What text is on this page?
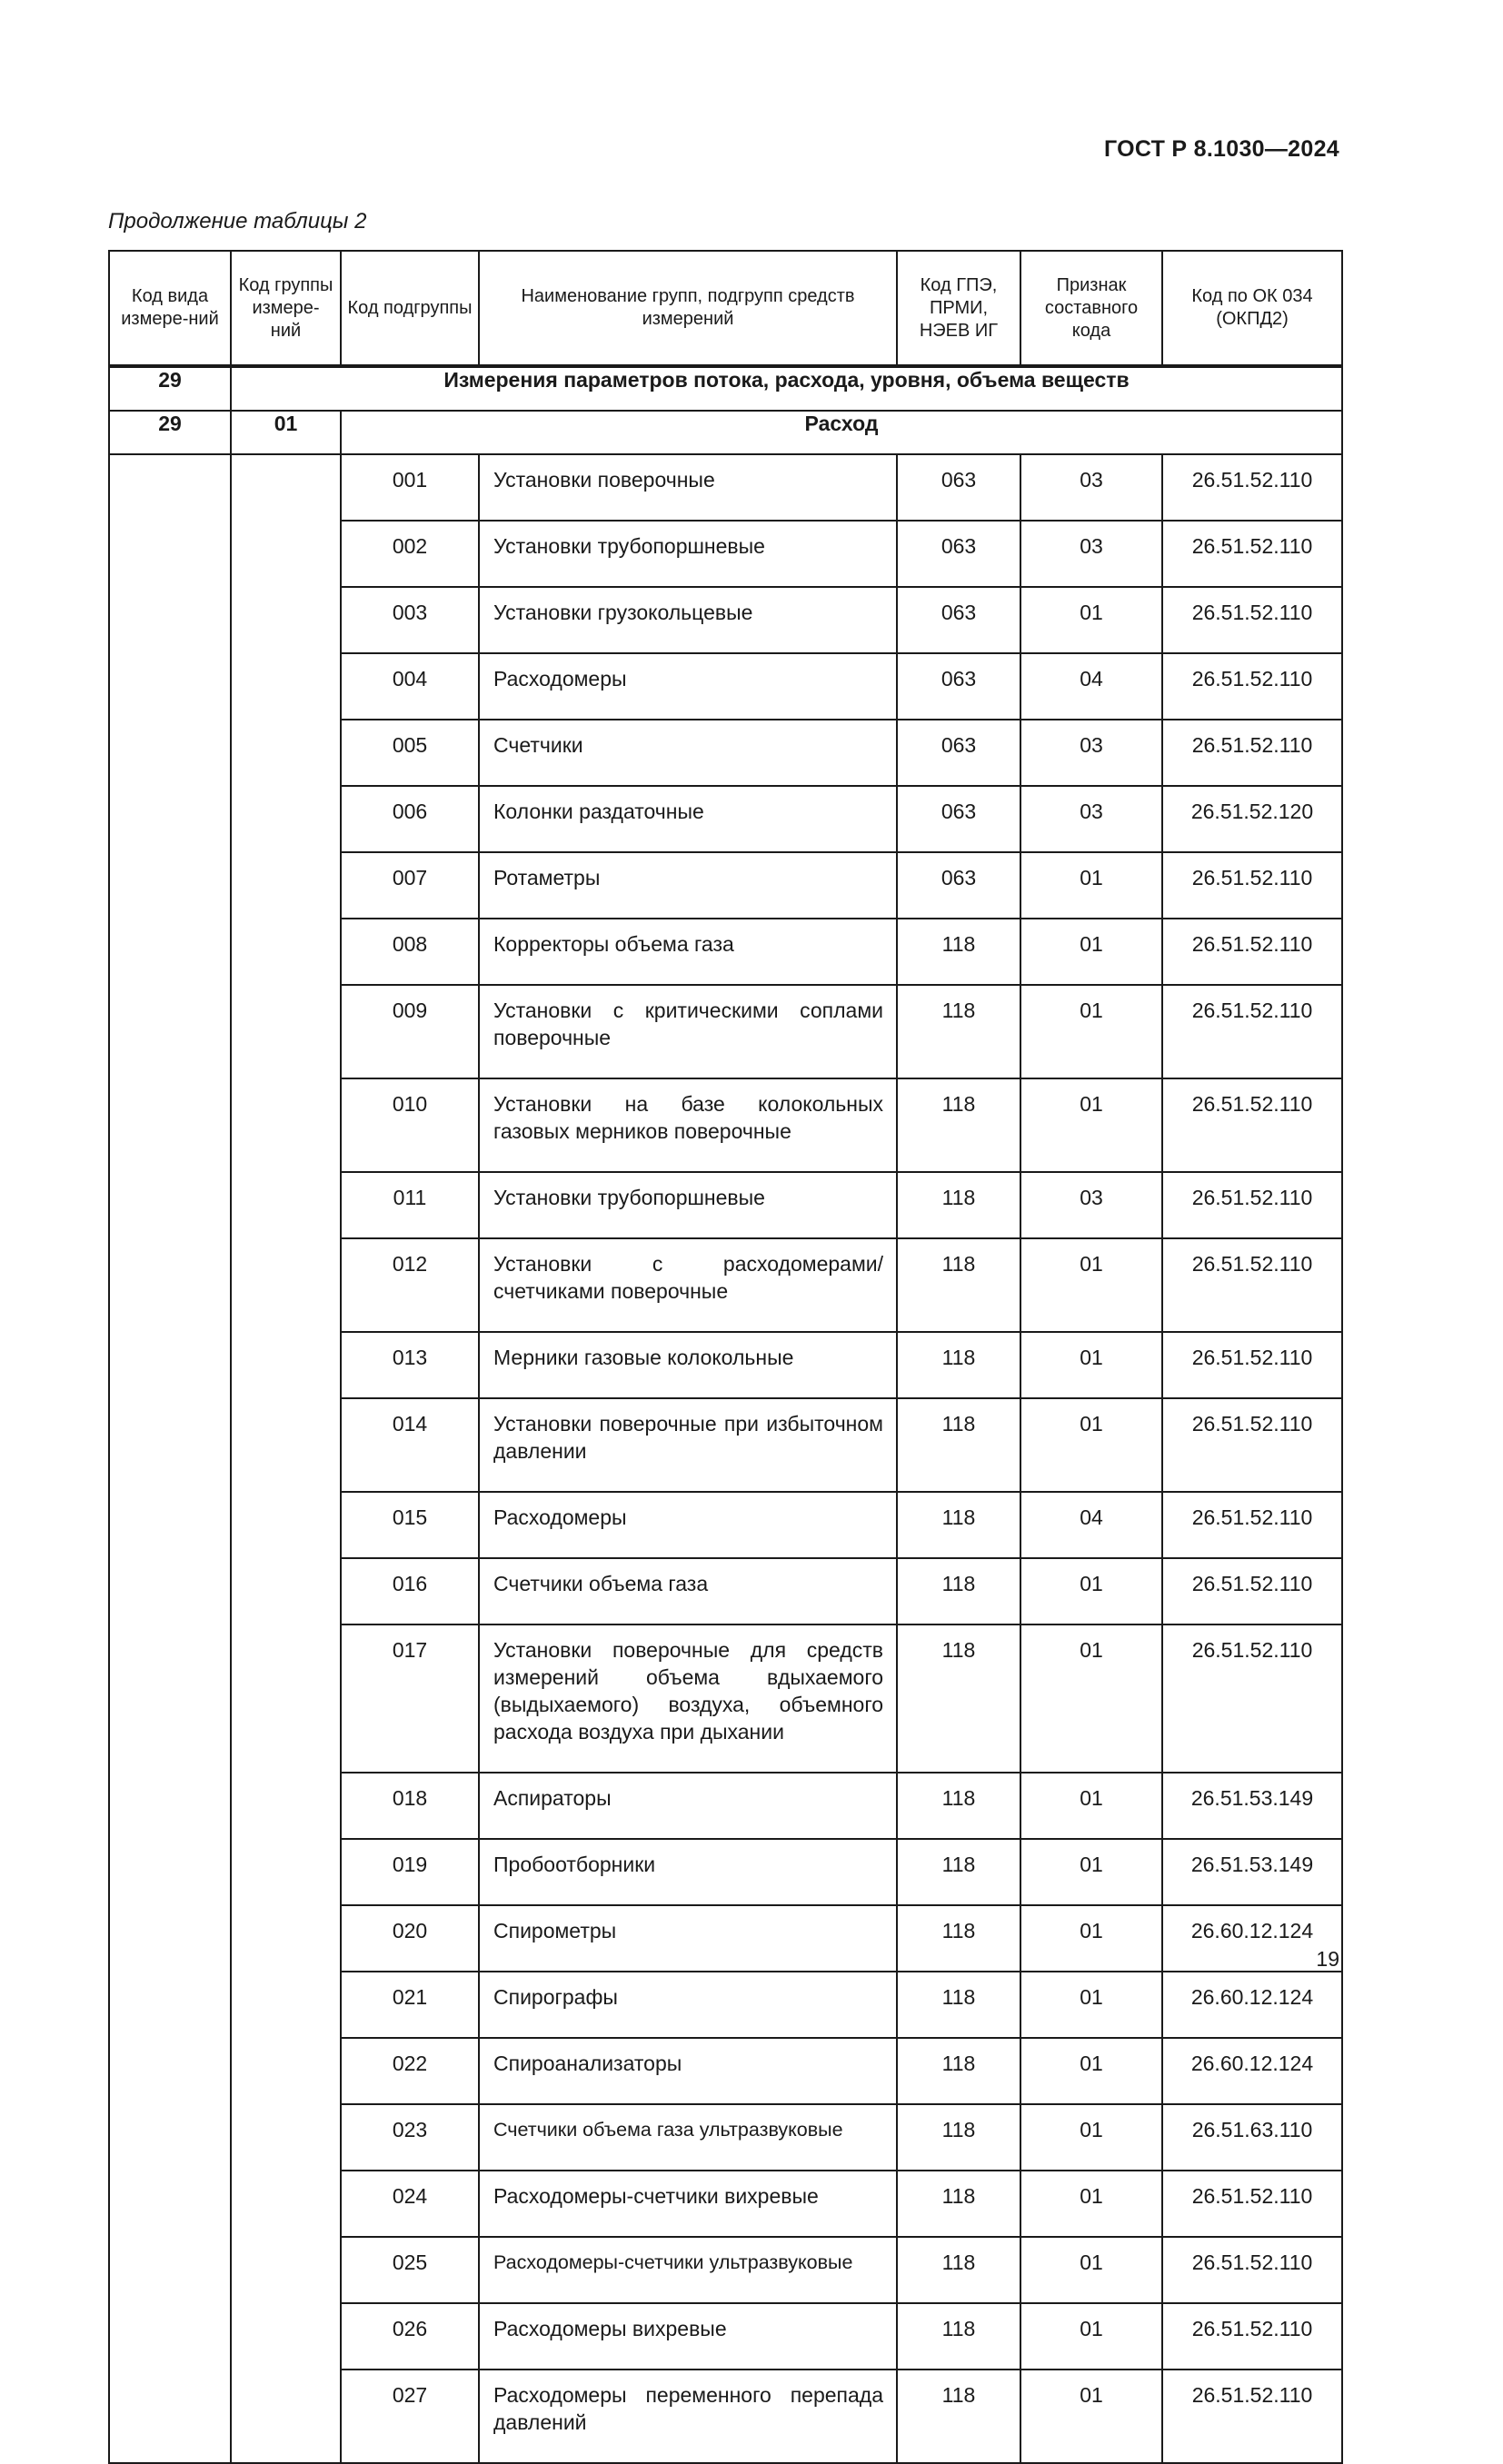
ГОСТ Р 8.1030—2024
Продолжение таблицы 2
Код вида измере-ний	Код группы измере-ний	Код подгруппы	Наименование групп, подгрупп средств измерений	Код ГПЭ, ПРМИ, НЭЕВ ИГ	Признак составного кода	Код по ОК 034 (ОКПД2)
29	Измерения параметров потока, расхода, уровня, объема веществ					
29	01	Расход				
		001	Установки поверочные	063	03	26.51.52.110
		002	Установки трубопоршневые	063	03	26.51.52.110
		003	Установки грузокольцевые	063	01	26.51.52.110
		004	Расходомеры	063	04	26.51.52.110
		005	Счетчики	063	03	26.51.52.110
		006	Колонки раздаточные	063	03	26.51.52.120
		007	Ротаметры	063	01	26.51.52.110
		008	Корректоры объема газа	118	01	26.51.52.110
		009	Установки с критическими соплами поверочные	118	01	26.51.52.110
		010	Установки на базе колокольных газовых мерников поверочные	118	01	26.51.52.110
		011	Установки трубопоршневые	118	03	26.51.52.110
		012	Установки с расходомерами/счетчиками поверочные	118	01	26.51.52.110
		013	Мерники газовые колокольные	118	01	26.51.52.110
		014	Установки поверочные при избыточном давлении	118	01	26.51.52.110
		015	Расходомеры	118	04	26.51.52.110
		016	Счетчики объема газа	118	01	26.51.52.110
		017	Установки поверочные для средств измерений объема вдыхаемого (выдыхаемого) воздуха, объемного расхода воздуха при дыхании	118	01	26.51.52.110
		018	Аспираторы	118	01	26.51.53.149
		019	Пробоотборники	118	01	26.51.53.149
		020	Спирометры	118	01	26.60.12.124
		021	Спирографы	118	01	26.60.12.124
		022	Спироанализаторы	118	01	26.60.12.124
		023	Счетчики объема газа ультразвуковые	118	01	26.51.63.110
		024	Расходомеры-счетчики вихревые	118	01	26.51.52.110
		025	Расходомеры-счетчики ультразвуковые	118	01	26.51.52.110
		026	Расходомеры вихревые	118	01	26.51.52.110
		027	Расходомеры переменного перепада давлений	118	01	26.51.52.110
19
